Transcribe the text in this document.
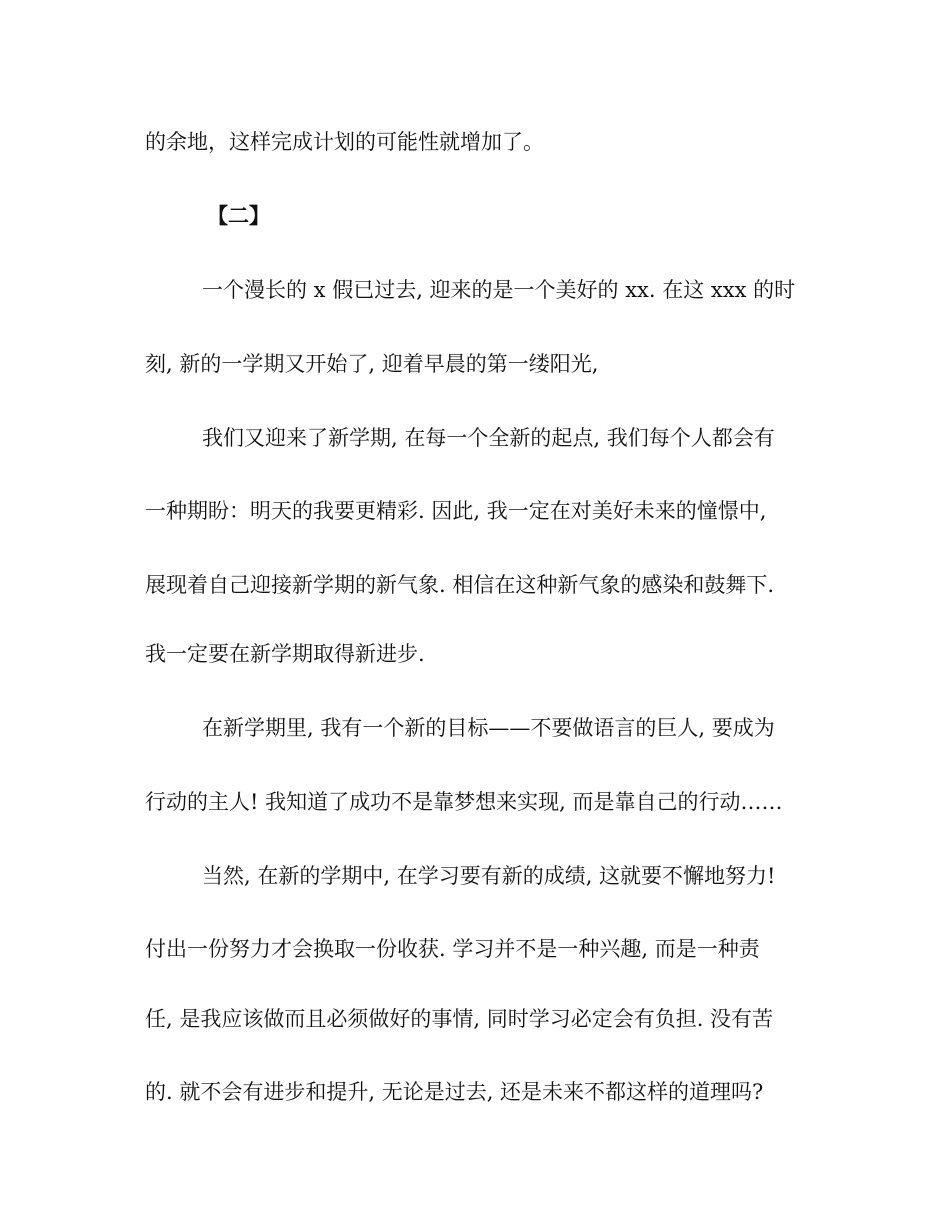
的余地，这样完成计划的可能性就增加了。
【二】
一个漫长的 x 假已过去, 迎来的是一个美好的 xx. 在这 xxx 的时
刻, 新的一学期又开始了, 迎着早晨的第一缕阳光,
我们又迎来了新学期, 在每一个全新的起点, 我们每个人都会有
一种期盼：明天的我要更精彩. 因此, 我一定在对美好未来的憧憬中,
展现着自己迎接新学期的新气象. 相信在这种新气象的感染和鼓舞下.
我一定要在新学期取得新进步.
在新学期里, 我有一个新的目标——不要做语言的巨人, 要成为
行动的主人! 我知道了成功不是靠梦想来实现, 而是靠自己的行动……
当然, 在新的学期中, 在学习要有新的成绩, 这就要不懈地努力!
付出一份努力才会换取一份收获. 学习并不是一种兴趣, 而是一种责
任, 是我应该做而且必须做好的事情, 同时学习必定会有负担. 没有苦
的. 就不会有进步和提升, 无论是过去, 还是未来不都这样的道理吗?
